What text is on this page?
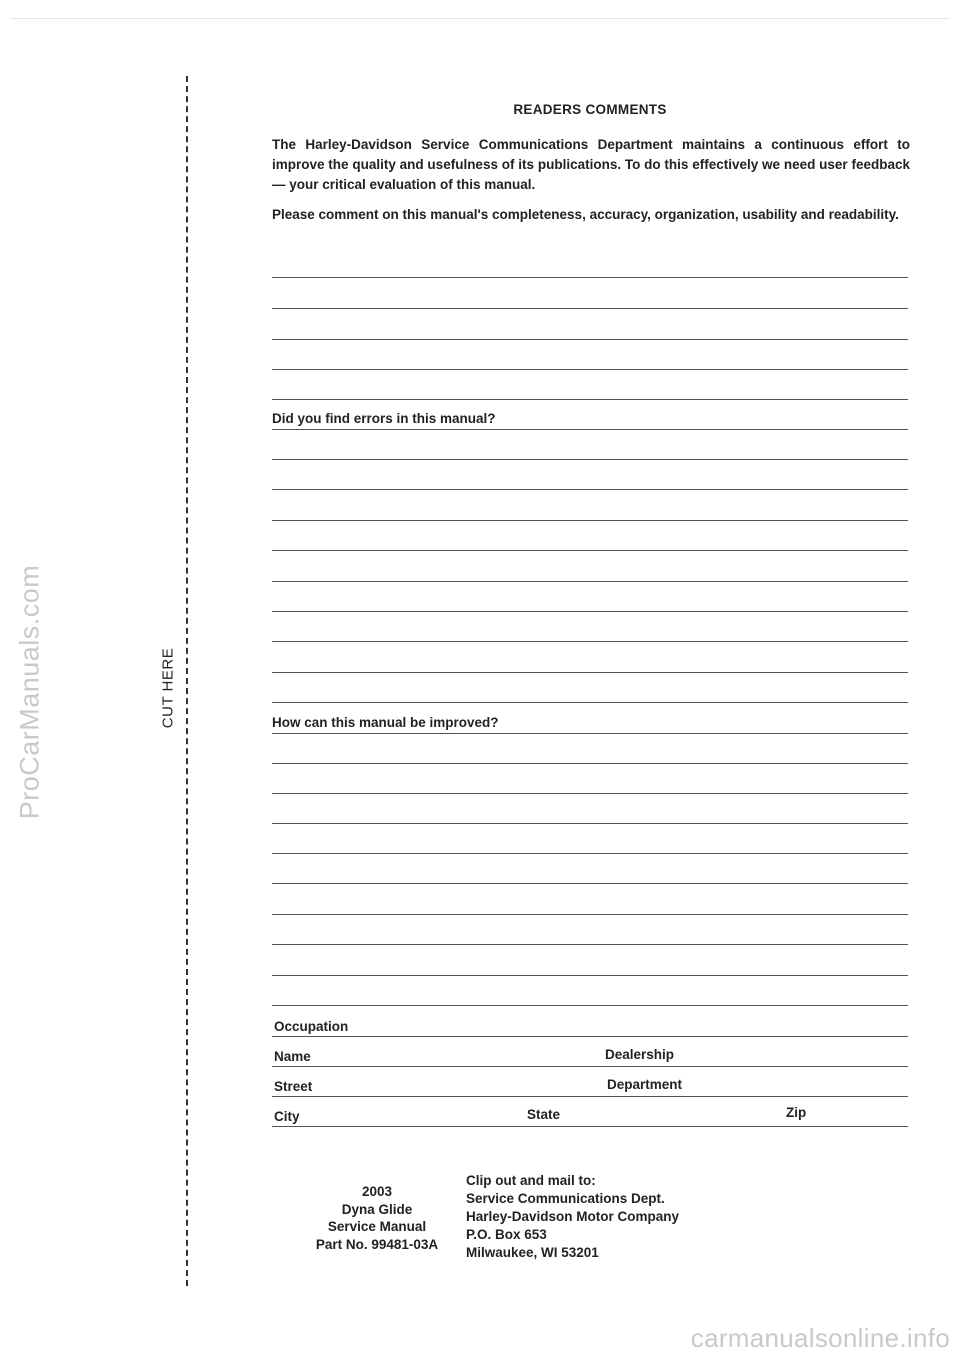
ProCarManuals.com	CUT HERE
READERS COMMENTS
The Harley-Davidson Service Communications Department maintains a continuous effort to improve the quality and usefulness of its publications. To do this effectively we need user feedback — your critical evaluation of this manual.
Please comment on this manual's completeness, accuracy, organization, usability and readability.
Did you find errors in this manual?
How can this manual be improved?
Occupation
Name	Dealership
Street	Department
City	State	Zip
2003
Dyna Glide
Service Manual
Part No. 99481-03A
Clip out and mail to:
Service Communications Dept.
Harley-Davidson Motor Company
P.O. Box 653
Milwaukee, WI 53201
carmanualsonline.info
